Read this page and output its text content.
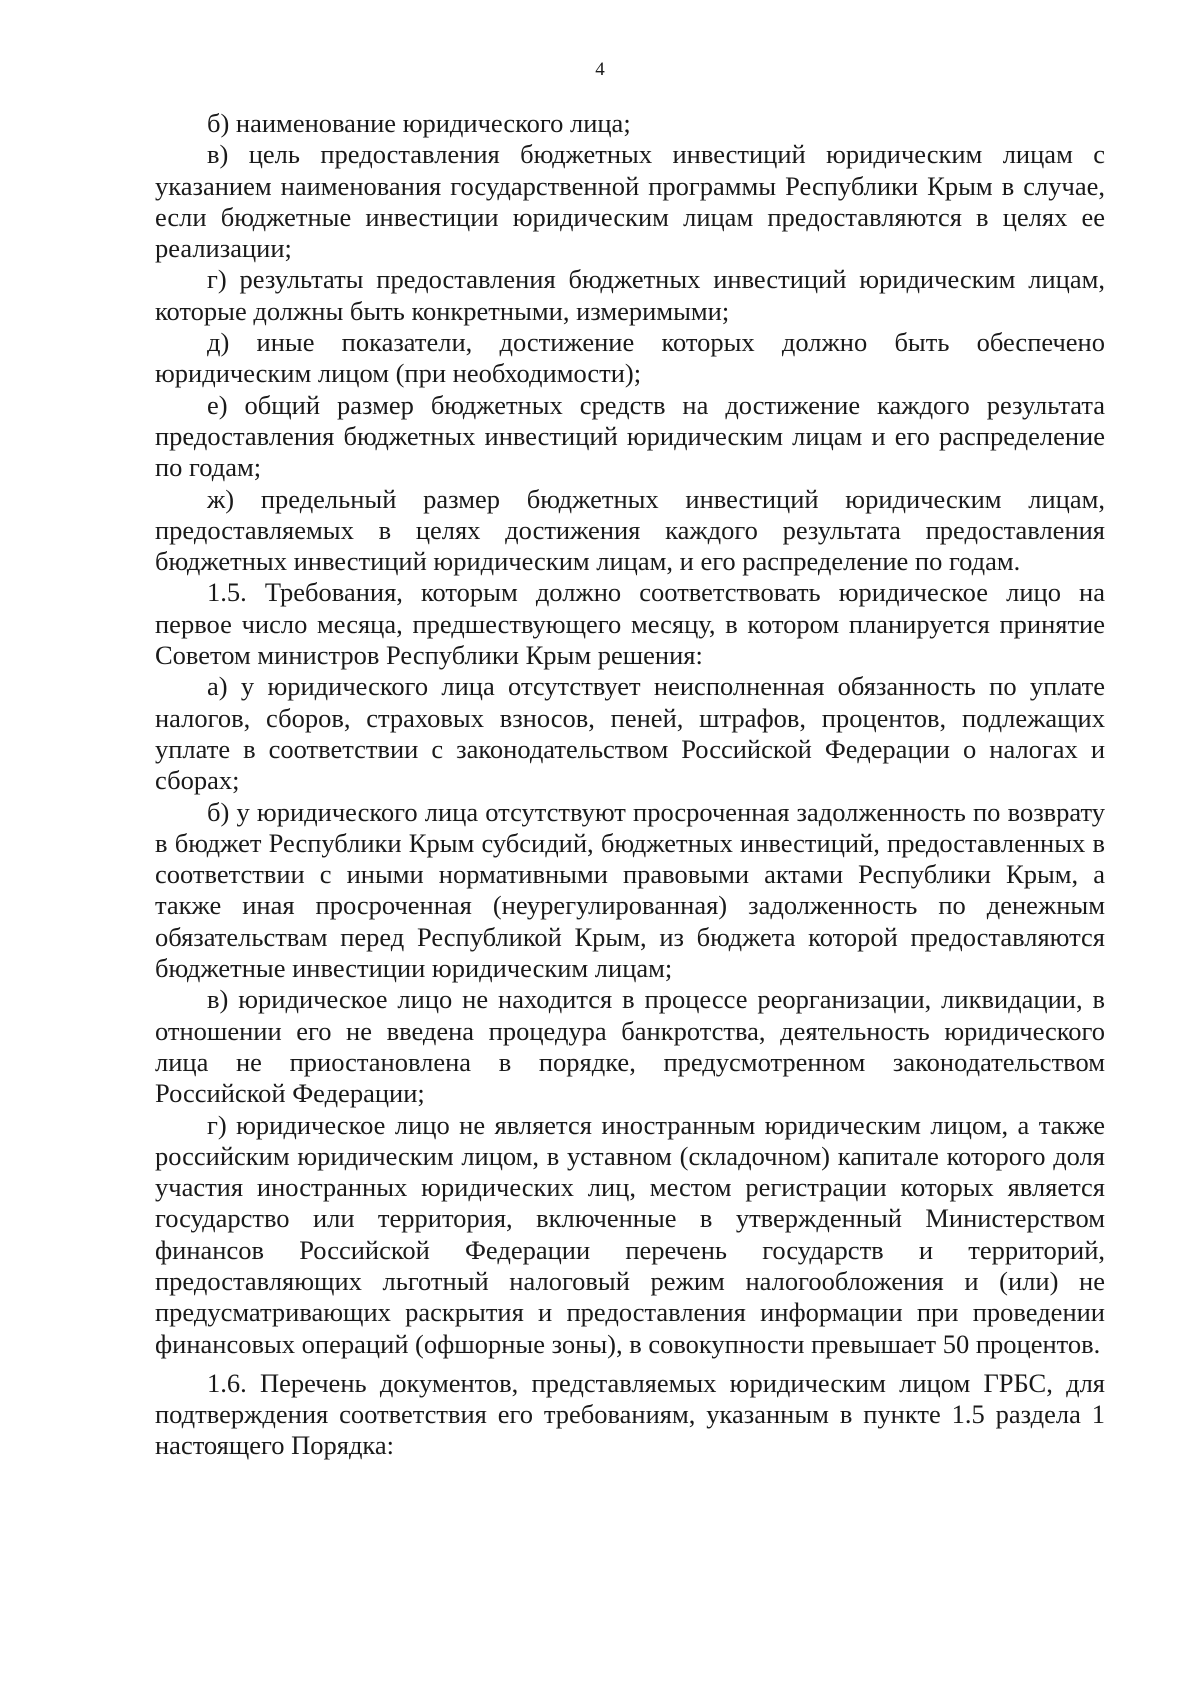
4

б) наименование юридического лица;

в) цель предоставления бюджетных инвестиций юридическим лицам с указанием наименования государственной программы Республики Крым в случае, если бюджетные инвестиции юридическим лицам предоставляются в целях ее реализации;

г) результаты предоставления бюджетных инвестиций юридическим лицам, которые должны быть конкретными, измеримыми;

д) иные показатели, достижение которых должно быть обеспечено юридическим лицом (при необходимости);

е) общий размер бюджетных средств на достижение каждого результата предоставления бюджетных инвестиций юридическим лицам и его распределение по годам;

ж) предельный размер бюджетных инвестиций юридическим лицам, предоставляемых в целях достижения каждого результата предоставления бюджетных инвестиций юридическим лицам, и его распределение по годам.

1.5. Требования, которым должно соответствовать юридическое лицо на первое число месяца, предшествующего месяцу, в котором планируется принятие Советом министров Республики Крым решения:

а) у юридического лица отсутствует неисполненная обязанность по уплате налогов, сборов, страховых взносов, пеней, штрафов, процентов, подлежащих уплате в соответствии с законодательством Российской Федерации о налогах и сборах;

б) у юридического лица отсутствуют просроченная задолженность по возврату в бюджет Республики Крым субсидий, бюджетных инвестиций, предоставленных в соответствии с иными нормативными правовыми актами Республики Крым, а также иная просроченная (неурегулированная) задолженность по денежным обязательствам перед Республикой Крым, из бюджета которой предоставляются бюджетные инвестиции юридическим лицам;

в) юридическое лицо не находится в процессе реорганизации, ликвидации, в отношении его не введена процедура банкротства, деятельность юридического лица не приостановлена в порядке, предусмотренном законодательством Российской Федерации;

г) юридическое лицо не является иностранным юридическим лицом, а также российским юридическим лицом, в уставном (складочном) капитале которого доля участия иностранных юридических лиц, местом регистрации которых является государство или территория, включенные в утвержденный Министерством финансов Российской Федерации перечень государств и территорий, предоставляющих льготный налоговый режим налогообложения и (или) не предусматривающих раскрытия и предоставления информации при проведении финансовых операций (офшорные зоны), в совокупности превышает 50 процентов.

1.6. Перечень документов, представляемых юридическим лицом ГРБС, для подтверждения соответствия его требованиям, указанным в пункте 1.5 раздела 1 настоящего Порядка:
